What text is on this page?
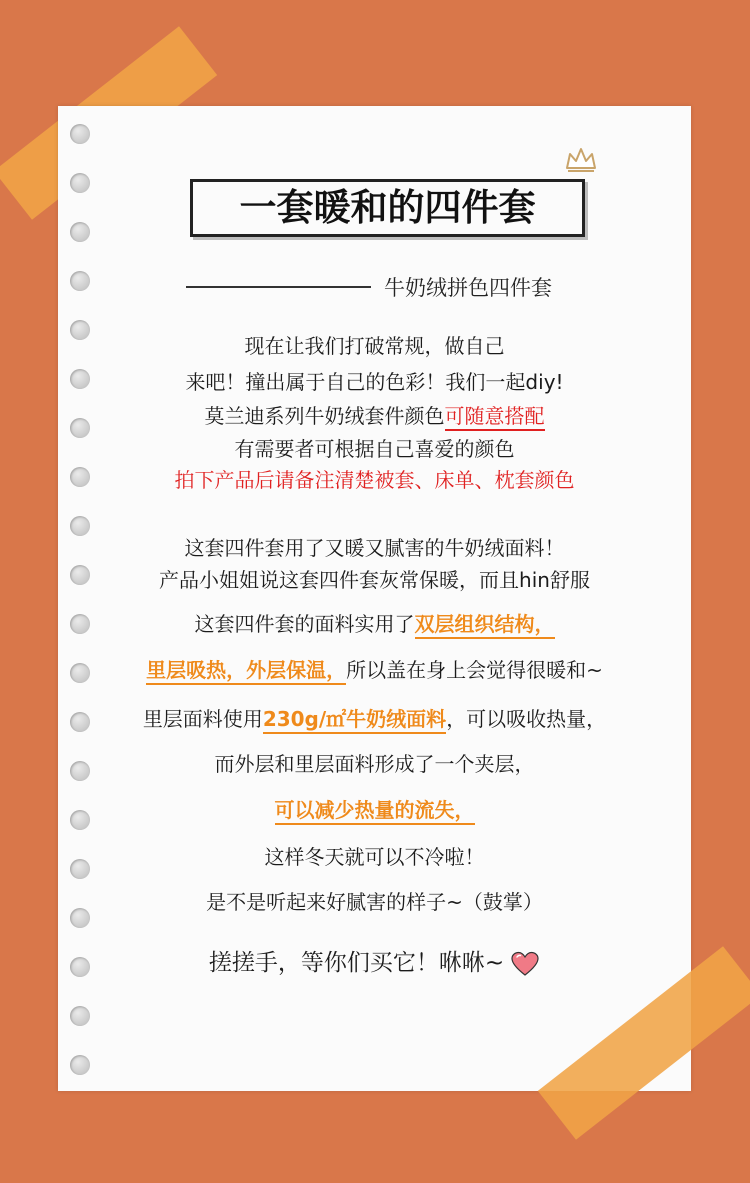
一套暖和的四件套
牛奶绒拼色四件套
现在让我们打破常规，做自己
来吧！撞出属于自己的色彩！我们一起diy!
莫兰迪系列牛奶绒套件颜色可随意搭配
有需要者可根据自己喜爱的颜色
拍下产品后请备注清楚被套、床单、枕套颜色
这套四件套用了又暖又腻害的牛奶绒面料！
产品小姐姐说这套四件套灰常保暖，而且hin舒服
这套四件套的面料实用了双层组织结构，
里层吸热，外层保温，所以盖在身上会觉得很暖和~
里层面料使用230g/㎡牛奶绒面料，可以吸收热量，
而外层和里层面料形成了一个夹层，
可以减少热量的流失，
这样冬天就可以不冷啦！
是不是听起来好腻害的样子~（鼓掌）
搓搓手，等你们买它！咻咻~
